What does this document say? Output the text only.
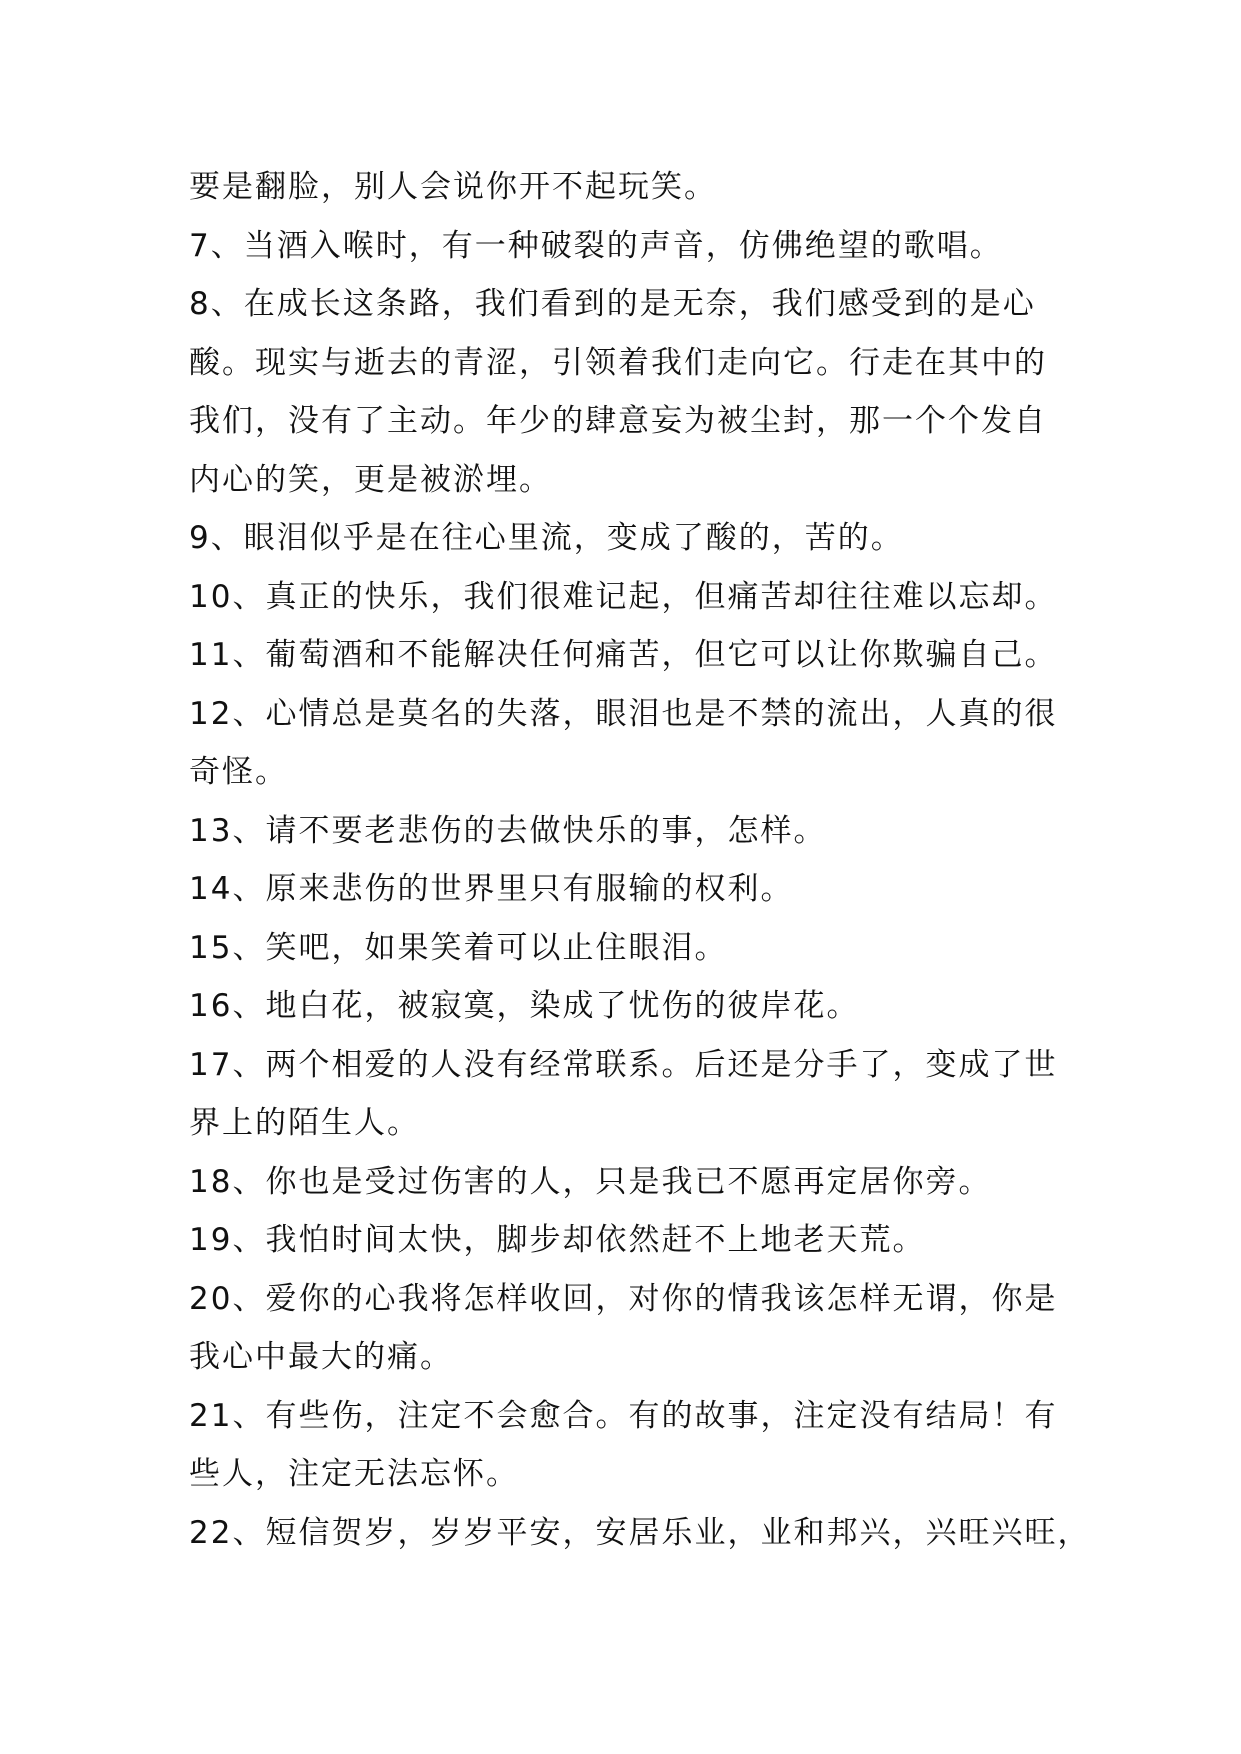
要是翻脸，别人会说你开不起玩笑。
7、当酒入喉时，有一种破裂的声音，仿佛绝望的歌唱。
8、在成长这条路，我们看到的是无奈，我们感受到的是心
酸。现实与逝去的青涩，引领着我们走向它。行走在其中的
我们，没有了主动。年少的肆意妄为被尘封，那一个个发自
内心的笑，更是被淤埋。
9、眼泪似乎是在往心里流，变成了酸的，苦的。
10、真正的快乐，我们很难记起，但痛苦却往往难以忘却。
11、葡萄酒和不能解决任何痛苦，但它可以让你欺骗自己。
12、心情总是莫名的失落，眼泪也是不禁的流出，人真的很
奇怪。
13、请不要老悲伤的去做快乐的事，怎样。
14、原来悲伤的世界里只有服输的权利。
15、笑吧，如果笑着可以止住眼泪。
16、地白花，被寂寞，染成了忧伤的彼岸花。
17、两个相爱的人没有经常联系。后还是分手了，变成了世
界上的陌生人。
18、你也是受过伤害的人，只是我已不愿再定居你旁。
19、我怕时间太快，脚步却依然赶不上地老天荒。
20、爱你的心我将怎样收回，对你的情我该怎样无谓，你是
我心中最大的痛。
21、有些伤，注定不会愈合。有的故事，注定没有结局！有
些人，注定无法忘怀。
22、短信贺岁，岁岁平安，安居乐业，业和邦兴，兴旺兴旺，
